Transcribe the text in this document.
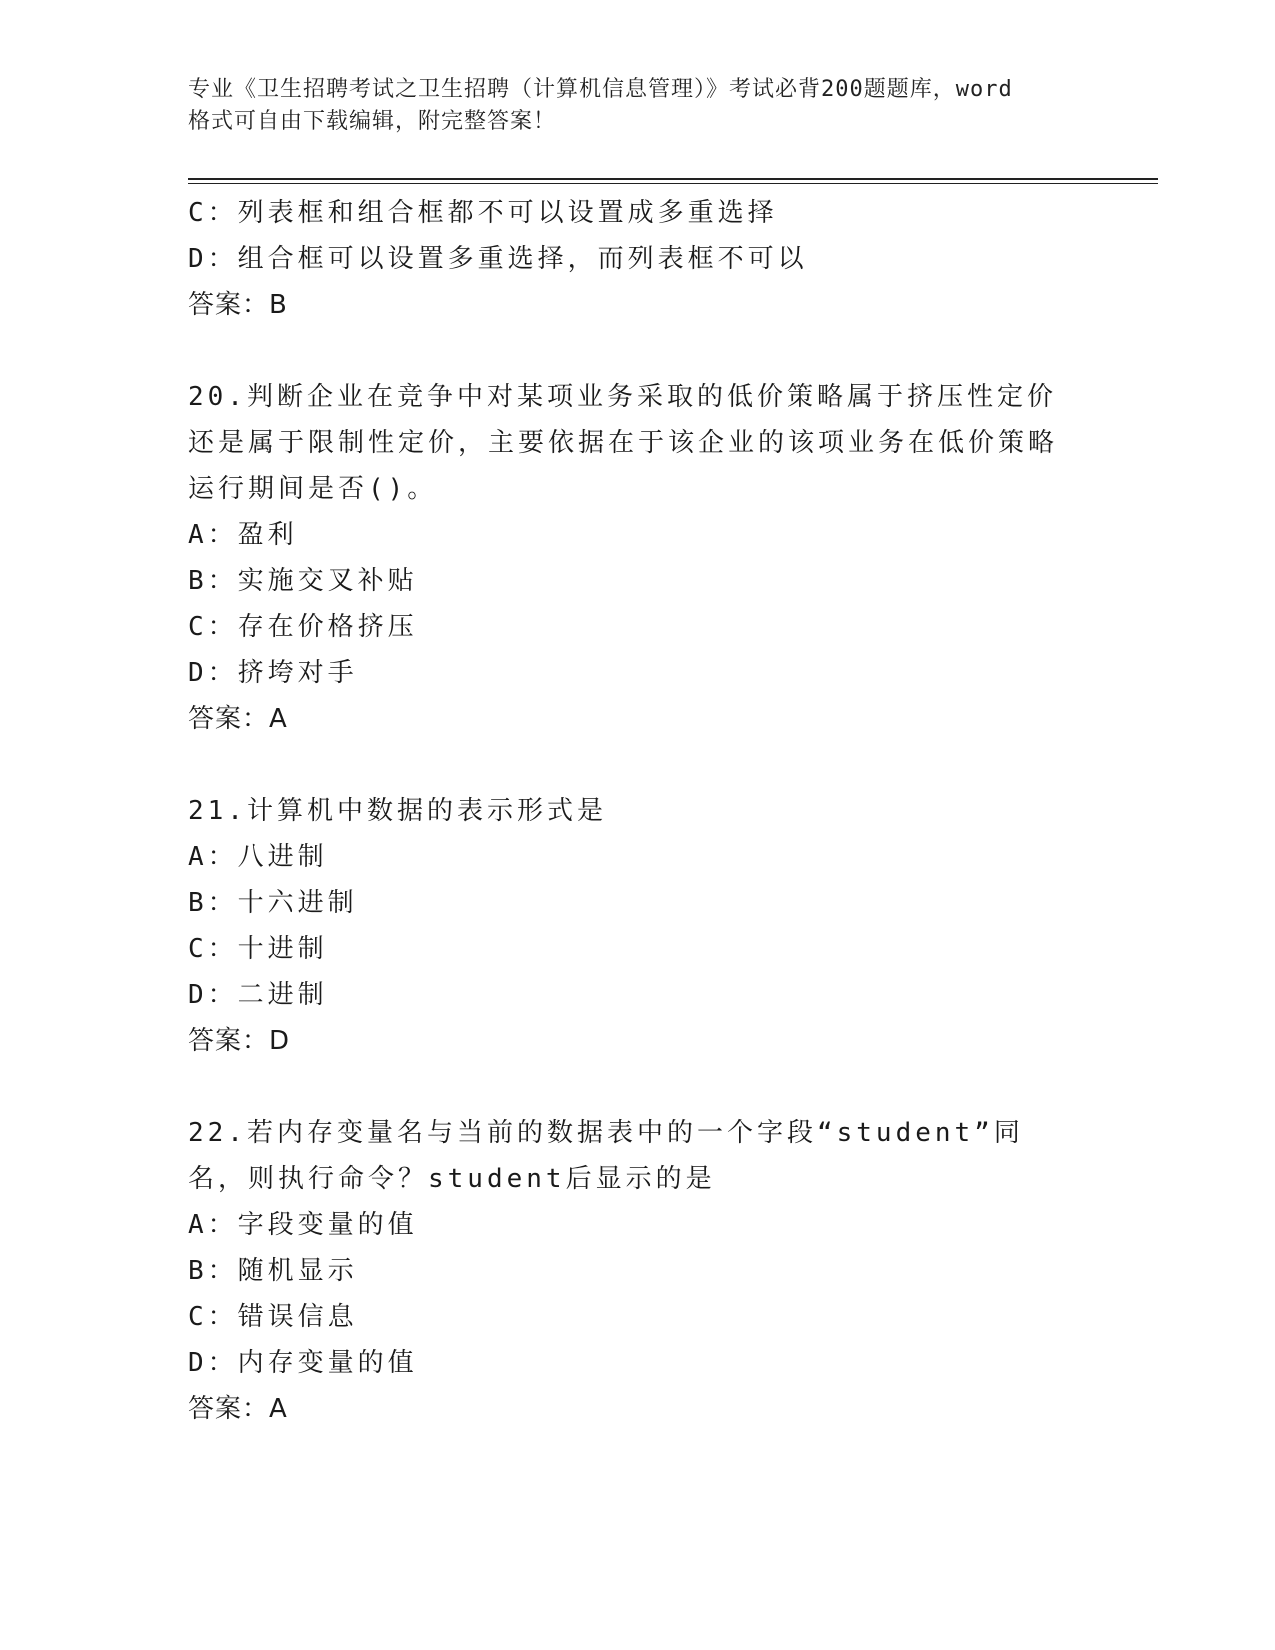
专业《卫生招聘考试之卫生招聘（计算机信息管理）》考试必背200题题库，word
格式可自由下载编辑，附完整答案！
C：列表框和组合框都不可以设置成多重选择
D：组合框可以设置多重选择，而列表框不可以
答案：B
20.判断企业在竞争中对某项业务采取的低价策略属于挤压性定价还是属于限制性定价，主要依据在于该企业的该项业务在低价策略运行期间是否()。
A：盈利
B：实施交叉补贴
C：存在价格挤压
D：挤垮对手
答案：A
21.计算机中数据的表示形式是
A：八进制
B：十六进制
C：十进制
D：二进制
答案：D
22.若内存变量名与当前的数据表中的一个字段“student”同名，则执行命令？student后显示的是
A：字段变量的值
B：随机显示
C：错误信息
D：内存变量的值
答案：A
